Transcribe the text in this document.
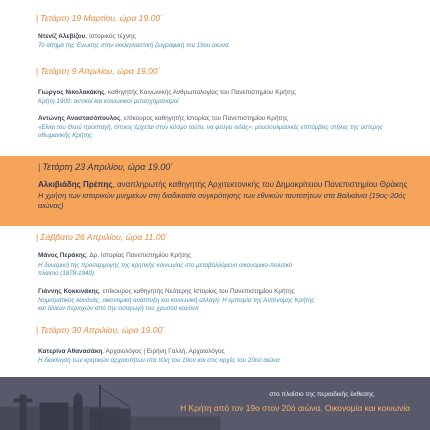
| Τετάρτη 19 Μαρτίου, ώρα 19.00΄
Ντενίζ Αλεβίζου, Ιστορικός τέχνης
Το αίτημα της Ένωσης στην εκκλησιαστική ζωγραφική του 19ου αιώνα
| Τετάρτη 9 Απριλίου, ώρα 19.00΄
Γιώργος Νικολακάκης, καθηγητής Κοινωνικής Ανθρωπολογίας του Πανεπιστημίου Κρήτης
Κρήτη 1900: αστικοί και κοινωνικοί μετασχηματισμοί
Αντώνης Αναστασόπουλος, επίκουρος καθηγητής Ιστορίας του Πανεπιστημίου Κρήτης
«Είναι του Θεού προσταγή, όποιος έρχεται στον κόσμο τούτο, να φεύγει ειδάς»: μουσουλμανικές επιτύμβιες στήλες της ύστερης οθωμανικής Κρήτης
| Τετάρτη 23 Απριλίου, ώρα 19.00΄
Αλκιβιάδης Πρέπης, αναπληρωτής καθηγητής Αρχιτεκτονικής του Δημοκρίτειου Πανεπιστημίου Θράκης
Η χρήση των ιστορικών μνημείων στη διαδικασία συγκρότησης των εθνικών ταυτοτήτων στα Βαλκάνια (19ος-20ός αιώνας)
| Σάββατο 26 Απριλίου, ώρα 11.00΄
Μάνος Περάκης, Δρ. Ιστορίας Πανεπιστημίου Κρήτης
Η δυναμική της προσαρμογής της κρητικής κοινωνίας στο μεταβαλλόμενο οικονομικο-πολιτικό πλαίσιο (1878-1940)
Γιάννης Κοκκινάκης, επίκουρος καθηγητής Νεότερης Ιστορίας του Πανεπιστημίου Κρήτης
Νομισματικός κανόνας, οικονομική ανάπτυξη και κοινωνική αλλαγή: Η εμπειρία της Αυτόνομης Κρήτης και άλλων περιοχών από την εισαγωγή του χρυσού κανόνα
| Τετάρτη 30 Απριλίου, ώρα 19.00΄
Κατερίνα Αθανασάκη, Αρχαιολόγος | Ειρήνη Γαλλή, Αρχαιολόγος
Η διακίνηση των κρητικών αρχαιοτήτων στα τέλη του 19ου και στις αρχές του 20ού αιώνα
στο πλαίσιο της περιοδικής έκθεσης
Η Κρήτη από τον 19ο στον 20ό αιώνα. Οικονομία και κοινωνία
